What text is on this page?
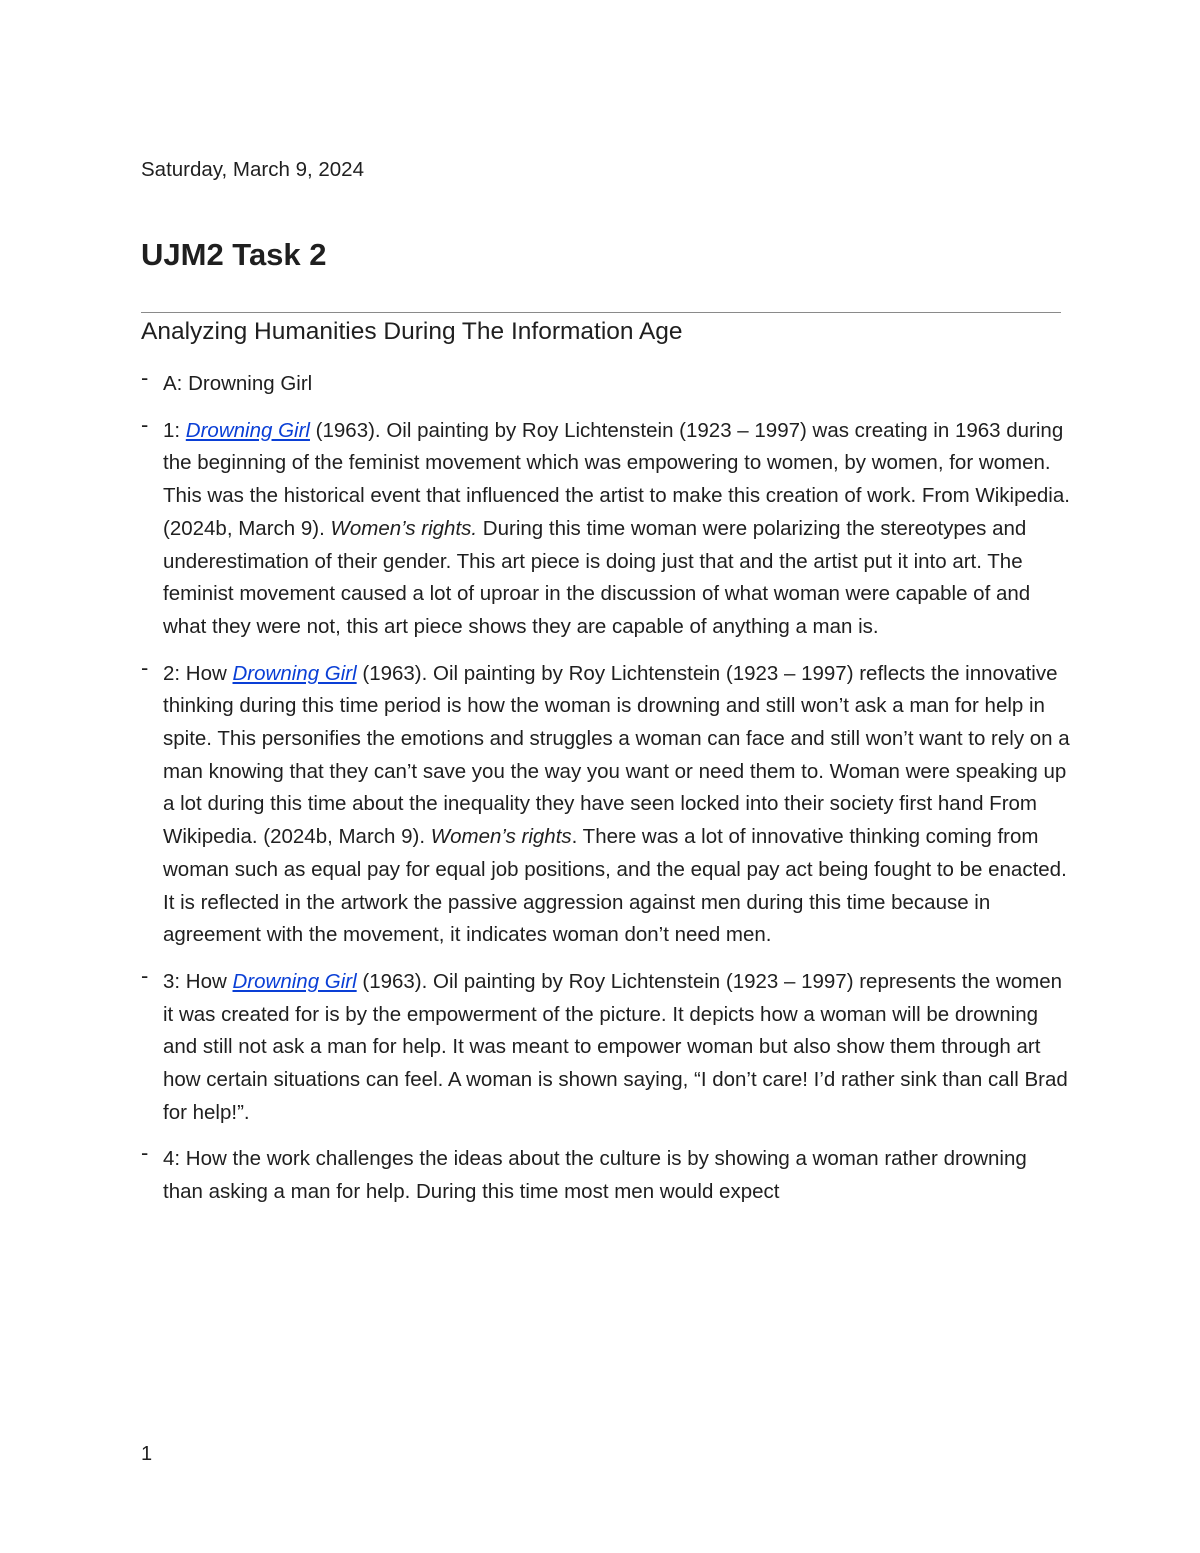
Saturday, March 9, 2024
UJM2 Task 2
Analyzing Humanities During The Information Age
- A: Drowning Girl
- 1: Drowning Girl (1963). Oil painting by Roy Lichtenstein (1923 – 1997) was creating in 1963 during the beginning of the feminist movement which was empowering to women, by women, for women. This was the historical event that influenced the artist to make this creation of work. From Wikipedia. (2024b, March 9). Women’s rights. During this time woman were polarizing the stereotypes and underestimation of their gender. This art piece is doing just that and the artist put it into art. The feminist movement caused a lot of uproar in the discussion of what woman were capable of and what they were not, this art piece shows they are capable of anything a man is.
- 2: How Drowning Girl (1963). Oil painting by Roy Lichtenstein (1923 – 1997) reflects the innovative thinking during this time period is how the woman is drowning and still won’t ask a man for help in spite. This personifies the emotions and struggles a woman can face and still won’t want to rely on a man knowing that they can’t save you the way you want or need them to. Woman were speaking up a lot during this time about the inequality they have seen locked into their society first hand From Wikipedia. (2024b, March 9). Women’s rights. There was a lot of innovative thinking coming from woman such as equal pay for equal job positions, and the equal pay act being fought to be enacted. It is reflected in the artwork the passive aggression against men during this time because in agreement with the movement, it indicates woman don’t need men.
- 3: How Drowning Girl (1963). Oil painting by Roy Lichtenstein (1923 – 1997) represents the women it was created for is by the empowerment of the picture. It depicts how a woman will be drowning and still not ask a man for help. It was meant to empower woman but also show them through art how certain situations can feel. A woman is shown saying, “I don’t care! I’d rather sink than call Brad for help!”.
- 4: How the work challenges the ideas about the culture is by showing a woman rather drowning than asking a man for help. During this time most men would expect
1
